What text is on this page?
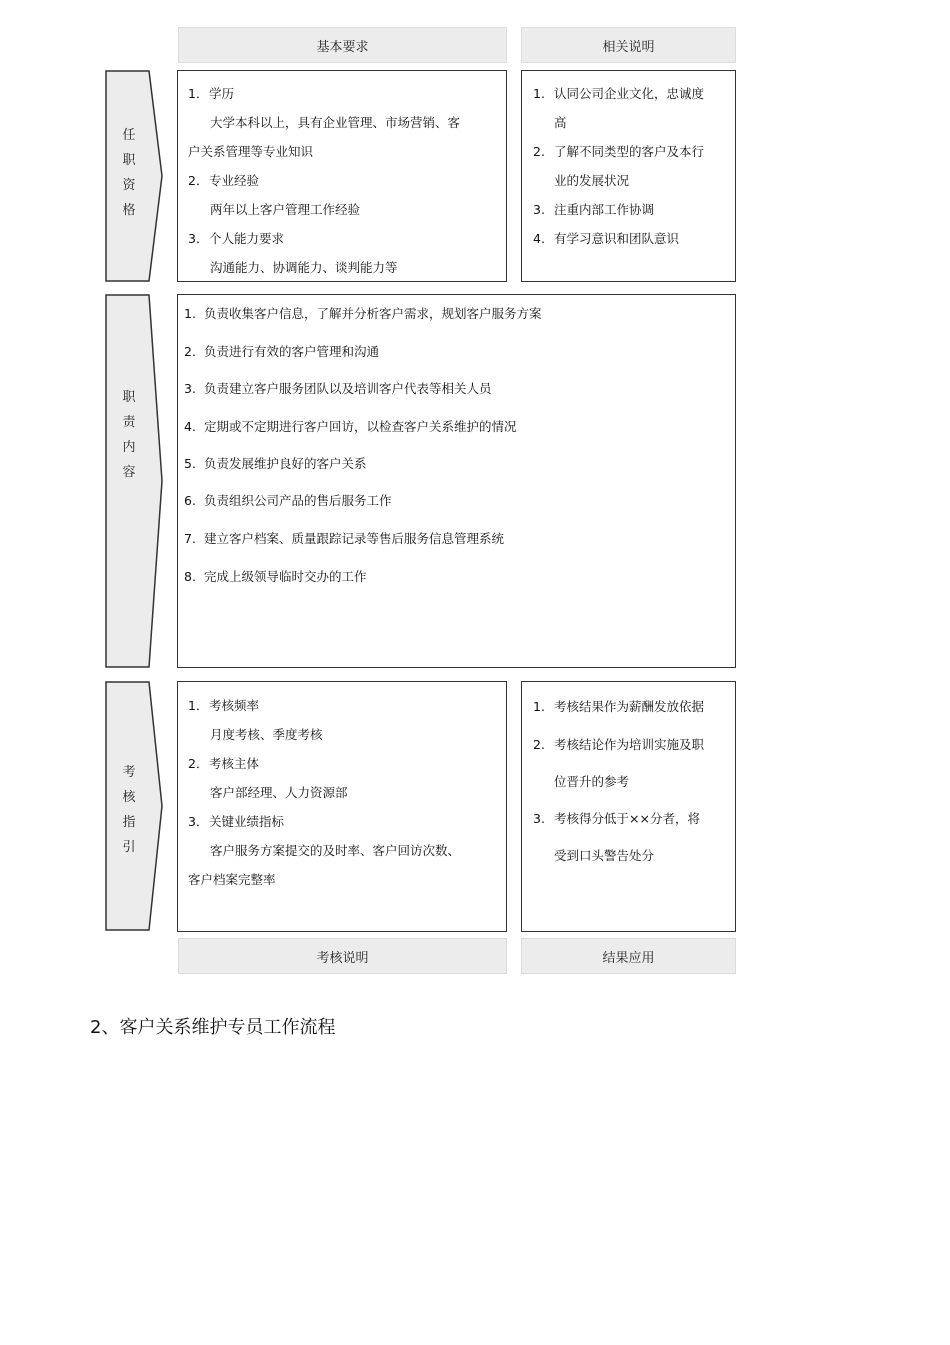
基本要求	相关说明
任
职
资
格
1．学历
大学本科以上，具有企业管理、市场营销、客
户关系管理等专业知识
2．专业经验
两年以上客户管理工作经验
3．个人能力要求
沟通能力、协调能力、谈判能力等
1. 认同公司企业文化，忠诚度
高
2. 了解不同类型的客户及本行
业的发展状况
3. 注重内部工作协调
4. 有学习意识和团队意识
职
责
内
容
1. 负责收集客户信息，了解并分析客户需求，规划客户服务方案
2. 负责进行有效的客户管理和沟通
3. 负责建立客户服务团队以及培训客户代表等相关人员
4. 定期或不定期进行客户回访，以检查客户关系维护的情况
5. 负责发展维护良好的客户关系
6. 负责组织公司产品的售后服务工作
7. 建立客户档案、质量跟踪记录等售后服务信息管理系统
8. 完成上级领导临时交办的工作
考
核
指
引
1．考核频率
月度考核、季度考核
2．考核主体
客户部经理、人力资源部
3．关键业绩指标
客户服务方案提交的及时率、客户回访次数、
客户档案完整率
1. 考核结果作为薪酬发放依据
2. 考核结论作为培训实施及职
位晋升的参考
3. 考核得分低于××分者，将
受到口头警告处分
考核说明	结果应用
2、客户关系维护专员工作流程
